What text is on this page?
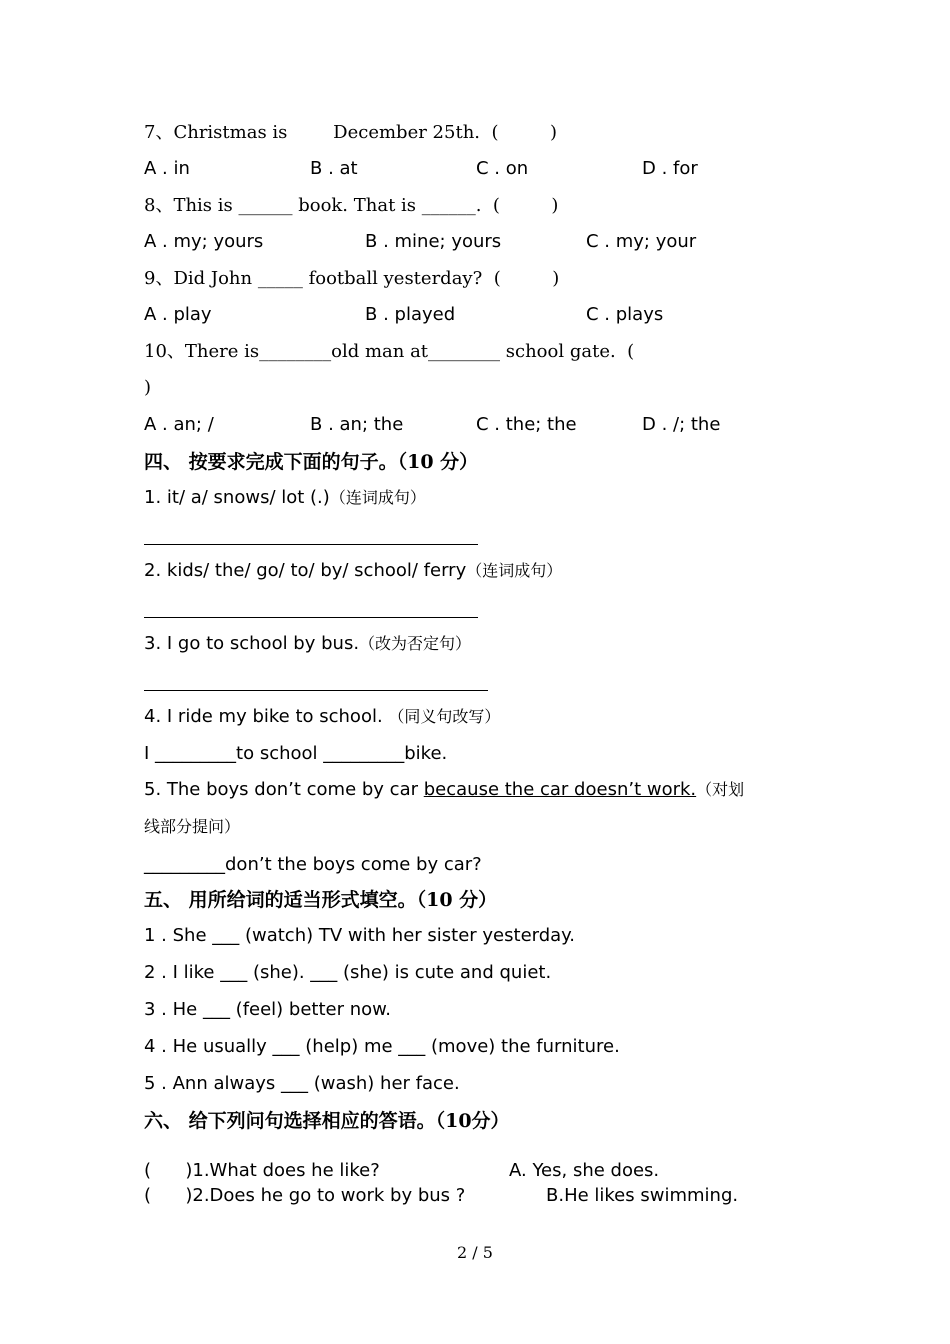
7、Christmas is        December 25th.  (         )

A . in

	B . at

	C . on

	D . for

8、This is ______ book. That is ______.  (         )

A . my; yours

	B . mine; yours

	C . my; your

9、Did John _____ football yesterday?  (         )

A . play

	B . played

	C . plays

10、There is________old man at________ school gate.  (
)

A . an; /

	B . an; the

	C . the; the

	D . /; the

四、 按要求完成下面的句子。（10 分）
1. it/ a/ snows/ lot (.)（连词成句）
2. kids/ the/ go/ to/ by/ school/ ferry（连词成句）
3. I go to school by bus.（改为否定句）
4. I ride my bike to school. （同义句改写）
I _________to school _________bike.
5. The boys don’t come by car because the car doesn’t work.（对划
线部分提问）
_________don’t the boys come by car?
五、 用所给词的适当形式填空。（10 分）
1 . She ___ (watch) TV with her sister yesterday.
2 . I like ___ (she). ___ (she) is cute and quiet.
3 . He ___ (feel) better now.
4 . He usually ___ (help) me ___ (move) the furniture.
5 . Ann always ___ (wash) her face.
六、 给下列问句选择相应的答语。（10分）

(      )1.What does he like?

	A. Yes, she does.

(      )2.Does he go to work by bus ?

	B.He likes swimming.

2 / 5
